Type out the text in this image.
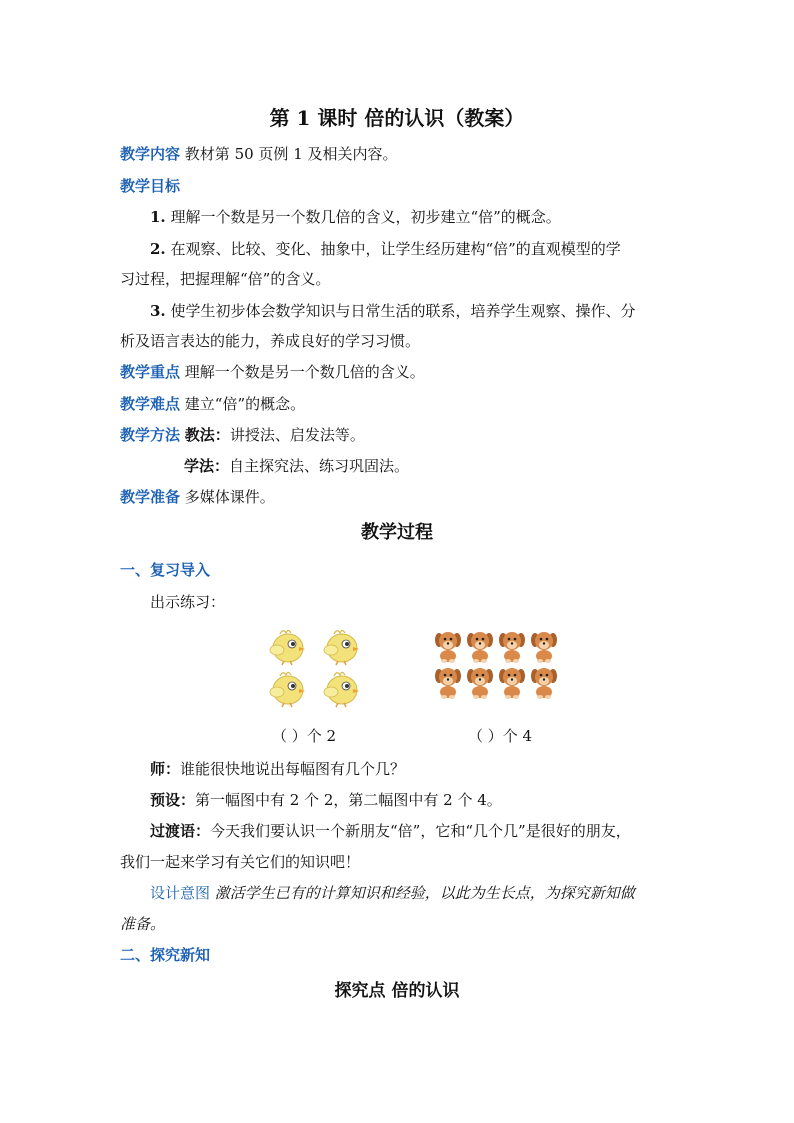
第 1 课时 倍的认识（教案）
教学内容 教材第 50 页例 1 及相关内容。
教学目标
1. 理解一个数是另一个数几倍的含义，初步建立“倍”的概念。
2. 在观察、比较、变化、抽象中，让学生经历建构“倍”的直观模型的学
习过程，把握理解“倍”的含义。
3. 使学生初步体会数学知识与日常生活的联系，培养学生观察、操作、分
析及语言表达的能力，养成良好的学习习惯。
教学重点 理解一个数是另一个数几倍的含义。
教学难点 建立“倍”的概念。
教学方法 教法：讲授法、启发法等。
学法：自主探究法、练习巩固法。
教学准备 多媒体课件。
教学过程
一、复习导入
出示练习：
（ ）个 2	（ ）个 4
师：谁能很快地说出每幅图有几个几？
预设：第一幅图中有 2 个 2，第二幅图中有 2 个 4。
过渡语：今天我们要认识一个新朋友“倍”，它和“几个几”是很好的朋友，
我们一起来学习有关它们的知识吧！
设计意图 激活学生已有的计算知识和经验，以此为生长点，为探究新知做
准备。
二、探究新知
探究点 倍的认识
